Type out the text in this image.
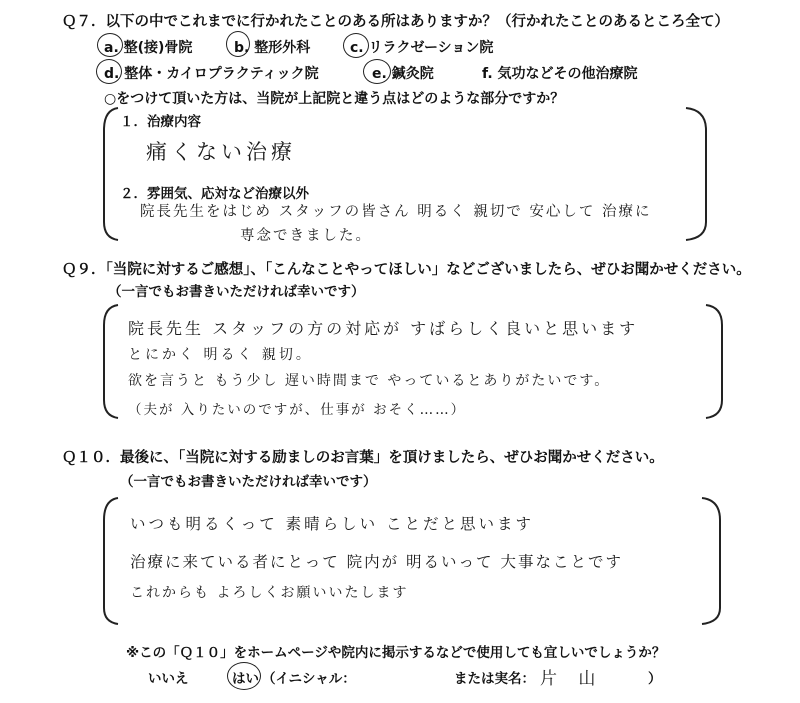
Ｑ７．以下の中でこれまでに行かれたことのある所はありますか？（行かれたことのあるところ全て）
a. 整(接)骨院	b. 整形外科	c. リラクゼーション院
d. 整体・カイロプラクティック院	e. 鍼灸院	f. 気功などその他治療院
○をつけて頂いた方は、当院が上記院と違う点はどのような部分ですか？
１．治療内容
痛くない治療
２．雰囲気、応対など治療以外
院長先生をはじめ スタッフの皆さん 明るく 親切で 安心して 治療に
専念できました。
Ｑ９．「当院に対するご感想」、「こんなことやってほしい」などございましたら、ぜひお聞かせください。
（一言でもお書きいただければ幸いです）
院長先生 スタッフの方の対応が すばらしく良いと思います
とにかく 明るく 親切。
欲を言うと もう少し 遅い時間まで やっているとありがたいです。
（夫が 入りたいのですが、仕事が おそく……）
Ｑ１０．最後に、「当院に対する励ましのお言葉」を頂けましたら、ぜひお聞かせください。
（一言でもお書きいただければ幸いです）
いつも明るくって 素晴らしい ことだと思います
治療に来ている者にとって 院内が 明るいって 大事なことです
これからも よろしくお願いいたします
※この「Ｑ１０」をホームページや院内に掲示するなどで使用しても宜しいでしょうか？
いいえ	はい （イニシャル：	または実名： 片 山	）
